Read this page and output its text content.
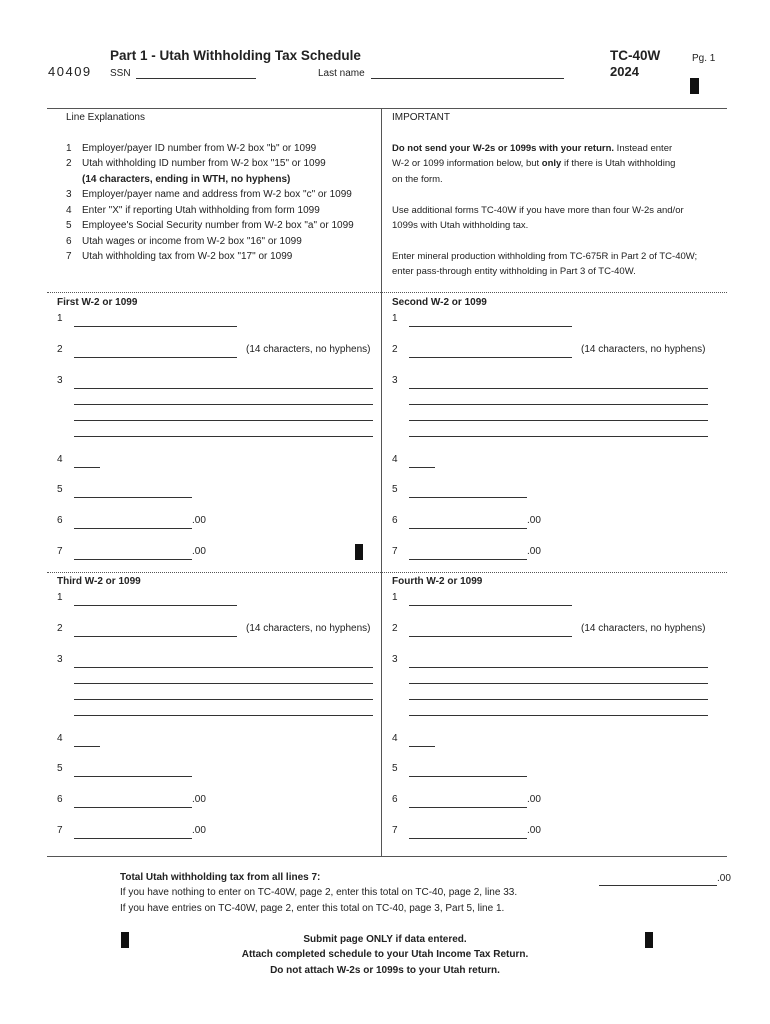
40409
Part 1 - Utah Withholding Tax Schedule
SSN	Last name
TC-40W
2024
Pg. 1
Line Explanations
1 Employer/payer ID number from W-2 box "b" or 1099
2 Utah withholding ID number from W-2 box "15" or 1099
(14 characters, ending in WTH, no hyphens)
3 Employer/payer name and address from W-2 box "c" or 1099
4 Enter "X" if reporting Utah withholding from form 1099
5 Employee's Social Security number from W-2 box "a" or 1099
6 Utah wages or income from W-2 box "16" or 1099
7 Utah withholding tax from W-2 box "17" or 1099
IMPORTANT
Do not send your W-2s or 1099s with your return. Instead enter
W-2 or 1099 information below, but only if there is Utah withholding
on the form.
Use additional forms TC-40W if you have more than four W-2s and/or
1099s with Utah withholding tax.
Enter mineral production withholding from TC-675R in Part 2 of TC-40W;
enter pass-through entity withholding in Part 3 of TC-40W.
First W-2 or 1099
1
2	(14 characters, no hyphens)
3
4
5
6	.00
7	.00
Second W-2 or 1099
1
2	(14 characters, no hyphens)
3
4
5
6	.00
7	.00
Third W-2 or 1099
1
2	(14 characters, no hyphens)
3
4
5
6	.00
7	.00
Fourth W-2 or 1099
1
2	(14 characters, no hyphens)
3
4
5
6	.00
7	.00
Total Utah withholding tax from all lines 7:
If you have nothing to enter on TC-40W, page 2, enter this total on TC-40, page 2, line 33.
If you have entries on TC-40W, page 2, enter this total on TC-40, page 3, Part 5, line 1.
.00
Submit page ONLY if data entered.
Attach completed schedule to your Utah Income Tax Return.
Do not attach W-2s or 1099s to your Utah return.
